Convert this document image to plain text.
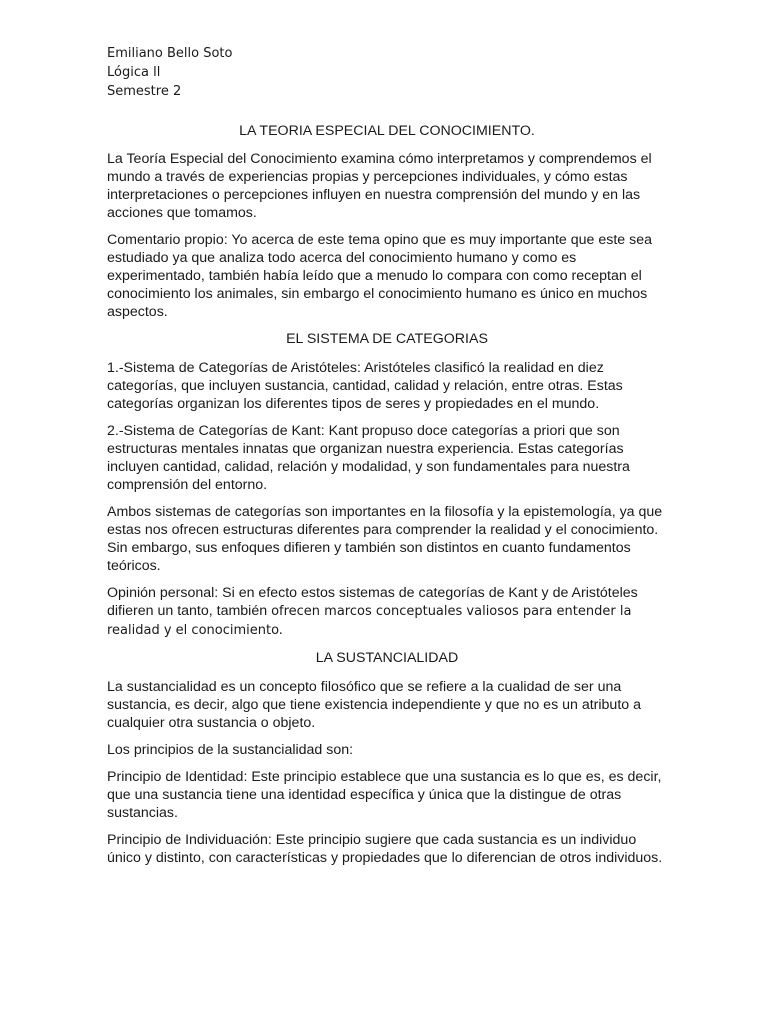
Emiliano Bello Soto
Lógica ll
Semestre 2
LA TEORIA ESPECIAL DEL CONOCIMIENTO.

La Teoría Especial del Conocimiento examina cómo interpretamos y comprendemos el mundo a través de experiencias propias y percepciones individuales, y cómo estas interpretaciones o percepciones influyen en nuestra comprensión del mundo y en las acciones que tomamos.

Comentario propio: Yo acerca de este tema opino que es muy importante que este sea estudiado ya que analiza todo acerca del conocimiento humano y como es experimentado, también había leído que a menudo lo compara con como receptan el conocimiento los animales, sin embargo el conocimiento humano es único en muchos aspectos.

EL SISTEMA DE CATEGORIAS

1.-Sistema de Categorías de Aristóteles: Aristóteles clasificó la realidad en diez categorías, que incluyen sustancia, cantidad, calidad y relación, entre otras. Estas categorías organizan los diferentes tipos de seres y propiedades en el mundo.

2.-Sistema de Categorías de Kant: Kant propuso doce categorías a priori que son estructuras mentales innatas que organizan nuestra experiencia. Estas categorías incluyen cantidad, calidad, relación y modalidad, y son fundamentales para nuestra comprensión del entorno.

Ambos sistemas de categorías son importantes en la filosofía y la epistemología, ya que estas nos ofrecen estructuras diferentes para comprender la realidad y el conocimiento. Sin embargo, sus enfoques difieren y también son distintos en cuanto fundamentos teóricos.

Opinión personal: Si en efecto estos sistemas de categorías de Kant y de Aristóteles difieren un tanto, también ofrecen marcos conceptuales valiosos para entender la realidad y el conocimiento.

LA SUSTANCIALIDAD

La sustancialidad es un concepto filosófico que se refiere a la cualidad de ser una sustancia, es decir, algo que tiene existencia independiente y que no es un atributo a cualquier otra sustancia o objeto.

Los principios de la sustancialidad son:

Principio de Identidad: Este principio establece que una sustancia es lo que es, es decir, que una sustancia tiene una identidad específica y única que la distingue de otras sustancias.

Principio de Individuación: Este principio sugiere que cada sustancia es un individuo único y distinto, con características y propiedades que lo diferencian de otros individuos.
